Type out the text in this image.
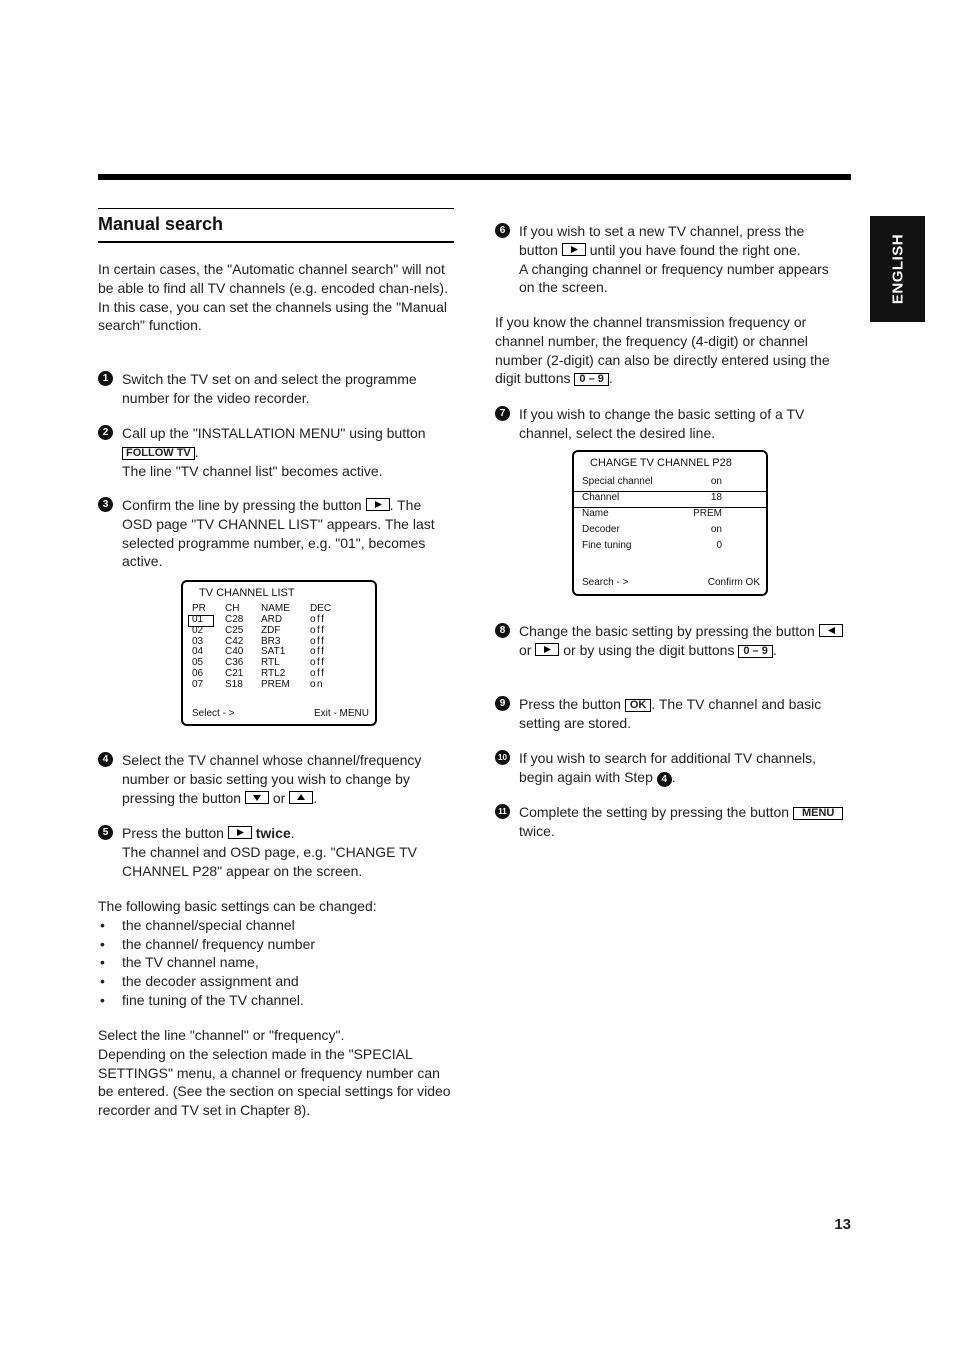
ENGLISH
Manual search

In certain cases, the "Automatic channel search" will not be able to find all TV channels (e.g. encoded chan-nels).

In this case, you can set the channels using the "Manual search" function.

1 Switch the TV set on and select the programme number for the video recorder.
2 Call up the "INSTALLATION MENU" using button FOLLOW TV .
The line "TV channel list" becomes active.
3 Confirm the line by pressing the button . The OSD page "TV CHANNEL LIST" appears. The last selected programme number, e.g. "01", becomes active.
TV CHANNEL LIST
PR CH NAME DEC
01 C28 ARD	off
02 C25 ZDF	off
03 C42 BR3	off
04 C40 SAT1 off
05 C36 RTL	off
06 C21 RTL2 off
07 S18 PREM on
Select - >	Exit - MENU
4 Select the TV channel whose channel/frequency number or basic setting you wish to change by pressing the button or .
5 Press the button twice.
The channel and OSD page, e.g. "CHANGE TV CHANNEL P28" appear on the screen.

The following basic settings can be changed:

• the channel/special channel
• the channel/ frequency number
• the TV channel name,
• the decoder assignment and
• fine tuning of the TV channel.

Select the line "channel" or "frequency".

Depending on the selection made in the "SPECIAL SETTINGS" menu, a channel or frequency number can be entered. (See the section on special settings for video recorder and TV set in Chapter 8).

6 If you wish to set a new TV channel, press the button until you have found the right one.
A changing channel or frequency number appears on the screen.

If you know the channel transmission frequency or channel number, the frequency (4-digit) or channel number (2-digit) can also be directly entered using the digit buttons 0 – 9 .

7 If you wish to change the basic setting of a TV channel, select the desired line.
CHANGE TV CHANNEL P28
Special channel	on
Channel	18
Name	PREM
Decoder	on
Fine tuning	0
Search - >	Confirm OK
8 Change the basic setting by pressing the button
or or by using the digit buttons 0 – 9 .
9 Press the button OK . The TV channel and basic setting are stored.
10 If you wish to search for additional TV channels, begin again with Step 4 .
11 Complete the setting by pressing the button MENU twice.
13
